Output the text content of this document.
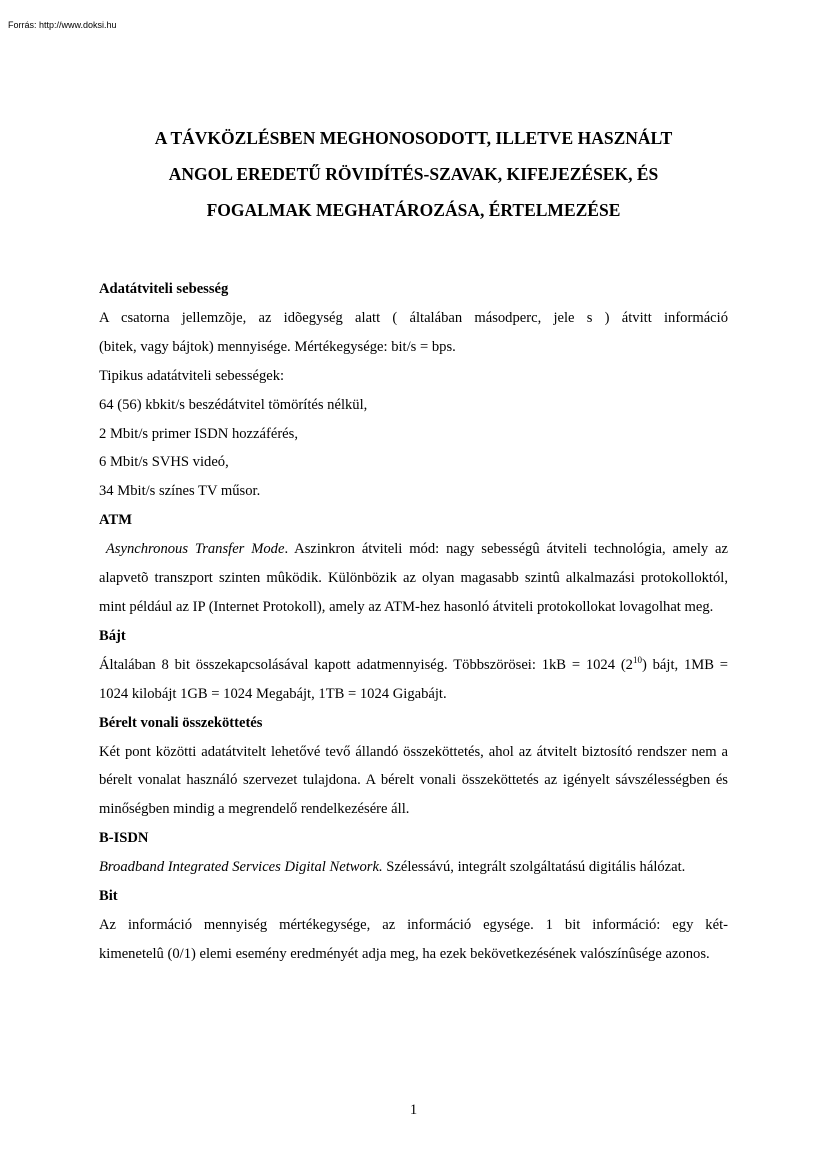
Forrás: http://www.doksi.hu
A TÁVKÖZLÉSBEN MEGHONOSODOTT, ILLETVE HASZNÁLT
ANGOL EREDETŰ RÖVIDÍTÉS-SZAVAK, KIFEJEZÉSEK, ÉS
FOGALMAK MEGHATÁROZÁSA, ÉRTELMEZÉSE

Adatátviteli sebesség

A csatorna jellemzõje, az idõegység alatt ( általában másodperc, jele s ) átvitt információ

(bitek, vagy bájtok) mennyisége. Mértékegysége: bit/s = bps.

Tipikus adatátviteli sebességek:

64 (56) kbkit/s beszédátvitel tömörítés nélkül,

2 Mbit/s primer ISDN hozzáférés,

6 Mbit/s SVHS videó,

34 Mbit/s színes TV műsor.

ATM

Asynchronous Transfer Mode. Aszinkron átviteli mód: nagy sebességû átviteli technológia, amely az alapvetõ transzport szinten mûködik. Különbözik az olyan magasabb szintû alkalmazási protokolloktól, mint például az IP (Internet Protokoll), amely az ATM-hez hasonló átviteli protokollokat lovagolhat meg.

Bájt

Általában 8 bit összekapcsolásával kapott adatmennyiség. Többszörösei: 1kB = 1024 $(2^{10})$ bájt, 1MB = 1024 kilobájt 1GB = 1024 Megabájt, 1TB = 1024 Gigabájt.

Bérelt vonali összeköttetés

Két pont közötti adatátvitelt lehetővé tevő állandó összeköttetés, ahol az átvitelt biztosító rendszer nem a bérelt vonalat használó szervezet tulajdona. A bérelt vonali összeköttetés az igényelt sávszélességben és minőségben mindig a megrendelő rendelkezésére áll.

B-ISDN

Broadband Integrated Services Digital Network. Szélessávú, integrált szolgáltatású digitális hálózat.

Bit

Az információ mennyiség mértékegysége, az információ egysége. 1 bit információ: egy két-

kimenetelû (0/1) elemi esemény eredményét adja meg, ha ezek bekövetkezésének valószínûsége azonos.

1
